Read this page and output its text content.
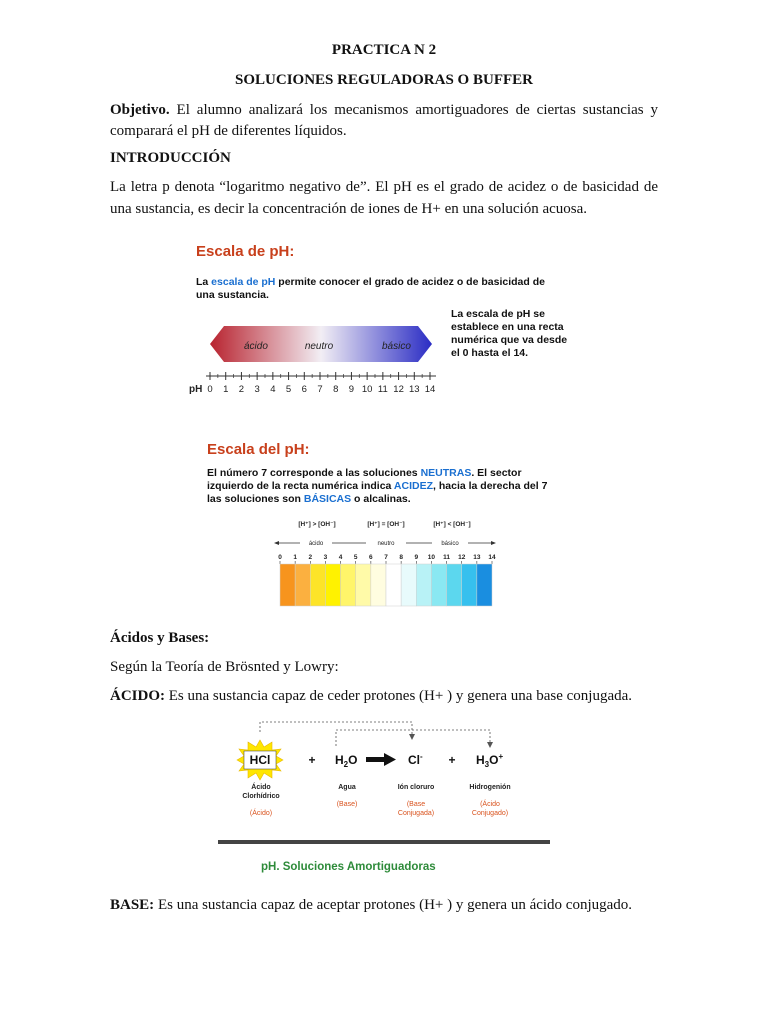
PRACTICA N 2
SOLUCIONES REGULADORAS O BUFFER
Objetivo. El alumno analizará los mecanismos amortiguadores de ciertas sustancias y
comparará el pH de diferentes líquidos.
INTRODUCCIÓN
La letra p denota “logaritmo negativo de”. El pH es el grado de acidez o de basicidad de
una sustancia, es decir la concentración de iones de H+ en una solución acuosa.
Escala de pH:
La escala de pH permite conocer el grado de acidez o de basicidad de
una sustancia.
La escala de pH se
establece en una recta
numérica que va desde
el 0 hasta el 14.
ácido	neutro	básico
0 1 2 3 4 5 6 7 8 9 10 11 12 13 14
pH
Escala del pH:
El número 7 corresponde a las soluciones NEUTRAS. El sector
izquierdo de la recta numérica indica ACIDEZ, hacia la derecha del 7
las soluciones son BÁSICAS o alcalinas.
[H⁺] > [OH⁻]	[H⁺] = [OH⁻]	[H⁺] < [OH⁻]
ácido	neutro	básico
0 1 2 3 4 5 6 7 8 9 10 11 12 13 14
Ácidos y Bases:
Según la Teoría de Brösnted y Lowry:
ÁCIDO: Es una sustancia capaz de ceder protones (H+ ) y genera una base conjugada.
HCl	+ $H_2O$	$Cl^- + H_3O^+$
Ácido
Clorhídrico
Agua	Ión cloruro	Hidrogenión
(Base)	(Base
Conjugada)
(Ácido
Conjugado)
(Ácido)
pH. Soluciones Amortiguadoras
BASE: Es una sustancia capaz de aceptar protones (H+ ) y genera un ácido conjugado.
